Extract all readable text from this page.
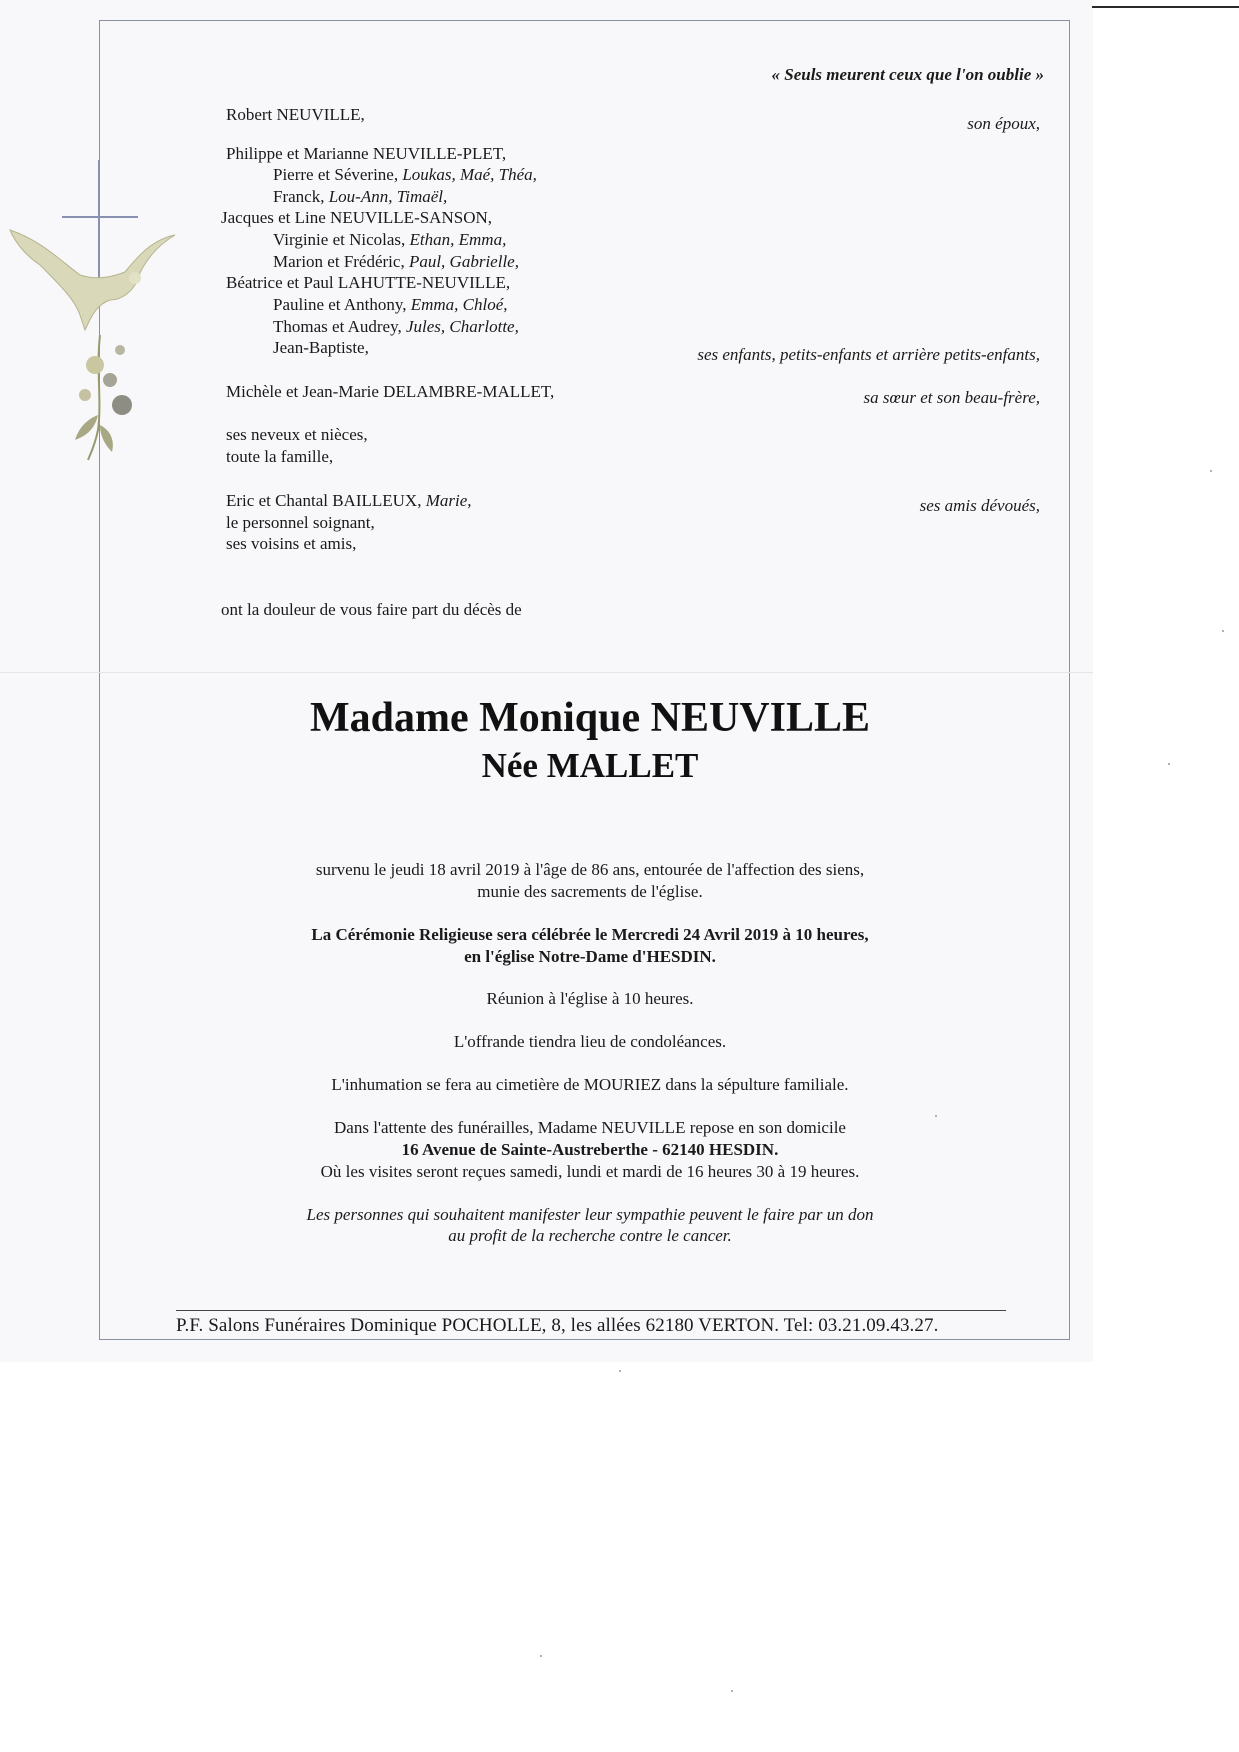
« Seuls meurent ceux que l'on oublie »
Robert NEUVILLE,
Philippe et Marianne NEUVILLE-PLET,
Pierre et Séverine, Loukas, Maé, Théa,
Franck, Lou-Ann, Timaël,
Jacques et Line NEUVILLE-SANSON,
Virginie et Nicolas, Ethan, Emma,
Marion et Frédéric, Paul, Gabrielle,
Béatrice et Paul LAHUTTE-NEUVILLE,
Pauline et Anthony, Emma, Chloé,
Thomas et Audrey, Jules, Charlotte,
Jean-Baptiste,
Michèle et Jean-Marie DELAMBRE-MALLET,
ses neveux et nièces,
toute la famille,
Eric et Chantal BAILLEUX, Marie,
le personnel soignant,
ses voisins et amis,
ont la douleur de vous faire part du décès de
son époux,
ses enfants, petits-enfants et arrière petits-enfants,
sa sœur et son beau-frère,
ses amis dévoués,
Madame Monique NEUVILLE
Née MALLET
survenu le jeudi 18 avril 2019 à l'âge de 86 ans, entourée de l'affection des siens,
munie des sacrements de l'église.
La Cérémonie Religieuse sera célébrée le Mercredi 24 Avril 2019 à 10 heures,
en l'église Notre-Dame d'HESDIN.
Réunion à l'église à 10 heures.
L'offrande tiendra lieu de condoléances.
L'inhumation se fera au cimetière de MOURIEZ dans la sépulture familiale.
Dans l'attente des funérailles, Madame NEUVILLE repose en son domicile
16 Avenue de Sainte-Austreberthe - 62140 HESDIN.
Où les visites seront reçues samedi, lundi et mardi de 16 heures 30 à 19 heures.
Les personnes qui souhaitent manifester leur sympathie peuvent le faire par un don
au profit de la recherche contre le cancer.
P.F. Salons Funéraires Dominique POCHOLLE, 8, les allées 62180 VERTON. Tel: 03.21.09.43.27.
